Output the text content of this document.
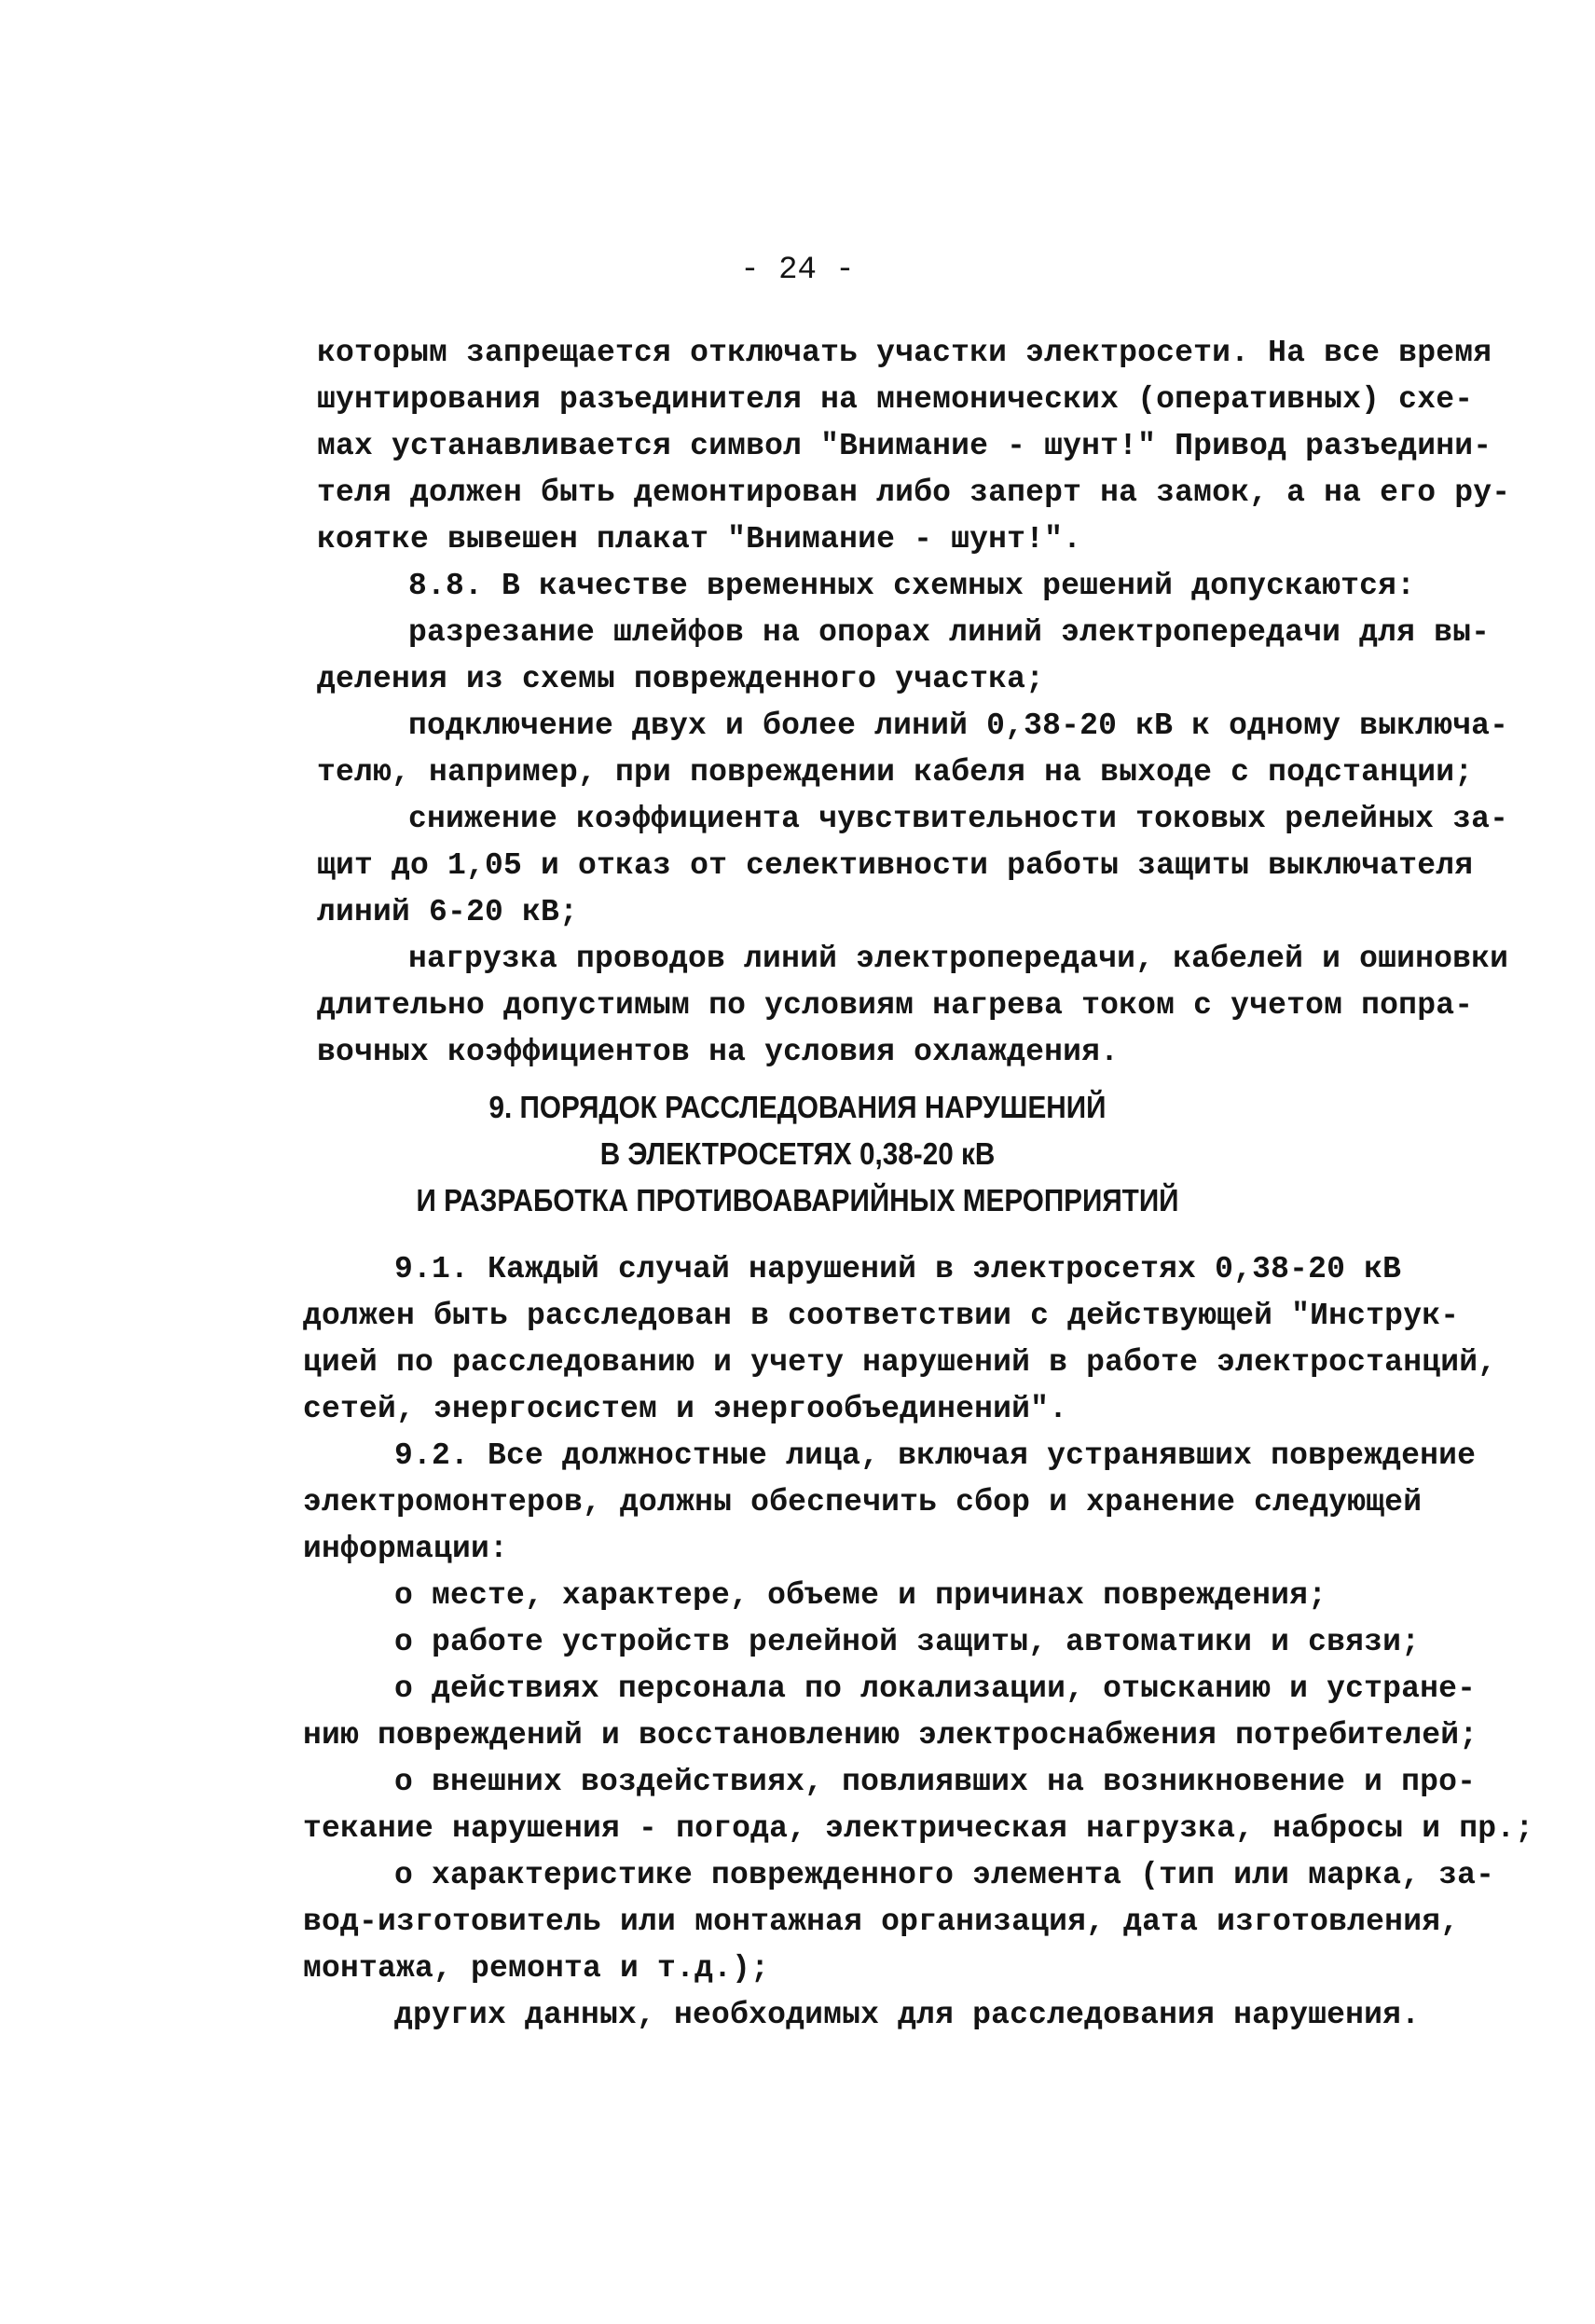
- 24 -
которым запрещается отключать участки электросети. На все время
шунтирования разъединителя на мнемонических (оперативных) схе-
мах устанавливается символ "Внимание - шунт!" Привод разъедини-
теля должен быть демонтирован либо заперт на замок, а на его ру-
коятке вывешен плакат "Внимание - шунт!".
8.8. В качестве временных схемных решений допускаются:
разрезание шлейфов на опорах линий электропередачи для вы-
деления из схемы поврежденного участка;
подключение двух и более линий 0,38-20 кВ к одному выключа-
телю, например, при повреждении кабеля на выходе с подстанции;
снижение коэффициента чувствительности токовых релейных за-
щит до 1,05 и отказ от селективности работы защиты выключателя
линий 6-20 кВ;
нагрузка проводов линий электропередачи, кабелей и ошиновки
длительно допустимым по условиям нагрева током с учетом попра-
вочных коэффициентов на условия охлаждения.
9. ПОРЯДОК РАССЛЕДОВАНИЯ НАРУШЕНИЙ
В ЭЛЕКТРОСЕТЯХ 0,38-20 кВ
И РАЗРАБОТКА ПРОТИВОАВАРИЙНЫХ МЕРОПРИЯТИЙ
9.1. Каждый случай нарушений в электросетях 0,38-20 кВ
должен быть расследован в соответствии с действующей "Инструк-
цией по расследованию и учету нарушений в работе электростанций,
сетей, энергосистем и энергообъединений".
9.2. Все должностные лица, включая устранявших повреждение
электромонтеров, должны обеспечить сбор и хранение следующей
информации:
о месте, характере, объеме и причинах повреждения;
о работе устройств релейной защиты, автоматики и связи;
о действиях персонала по локализации, отысканию и устране-
нию повреждений и восстановлению электроснабжения потребителей;
о внешних воздействиях, повлиявших на возникновение и про-
текание нарушения - погода, электрическая нагрузка, набросы и пр.;
о характеристике поврежденного элемента (тип или марка, за-
вод-изготовитель или монтажная организация, дата изготовления,
монтажа, ремонта и т.д.);
других данных, необходимых для расследования нарушения.
